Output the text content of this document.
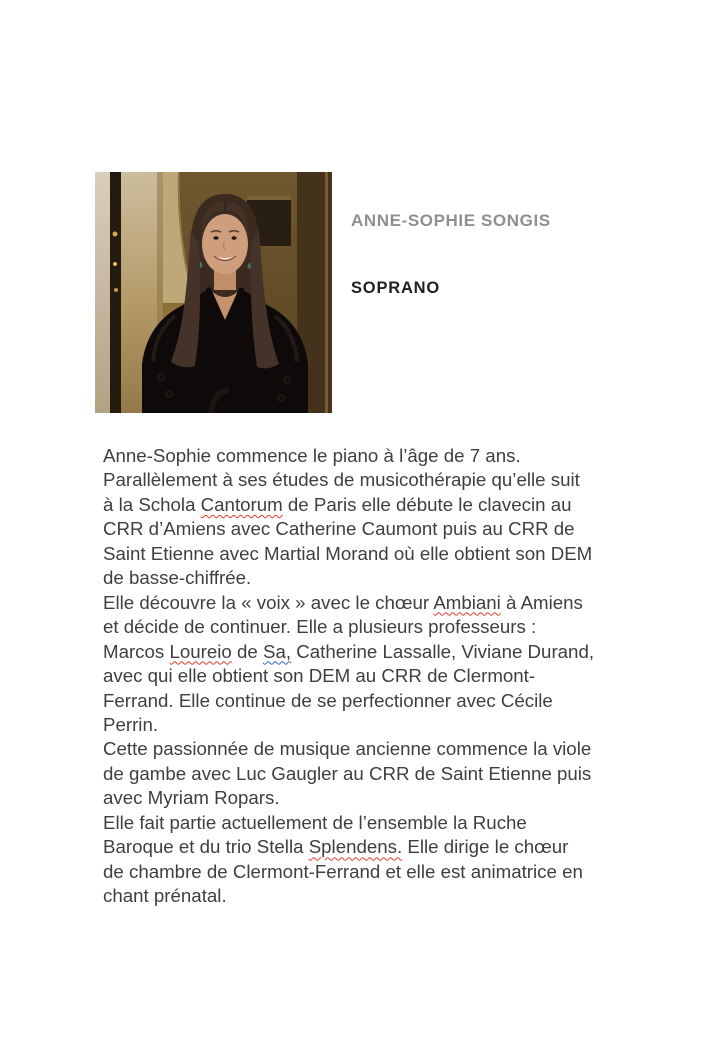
ANNE-SOPHIE SONGIS
SOPRANO
Anne-Sophie commence le piano à l’âge de 7 ans.
Parallèlement à ses études de musicothérapie qu’elle suit
à la Schola Cantorum de Paris elle débute le clavecin au
CRR d’Amiens avec Catherine Caumont puis au CRR de
Saint Etienne avec Martial Morand où elle obtient son DEM
de basse-chiffrée.
Elle découvre la « voix » avec le chœur Ambiani à Amiens
et décide de continuer. Elle a plusieurs professeurs :
Marcos Loureio de Sa, Catherine Lassalle, Viviane Durand,
avec qui elle obtient son DEM au CRR de Clermont-
Ferrand. Elle continue de se perfectionner avec Cécile
Perrin.
Cette passionnée de musique ancienne commence la viole
de gambe avec Luc Gaugler au CRR de Saint Etienne puis
avec Myriam Ropars.
Elle fait partie actuellement de l’ensemble la Ruche
Baroque et du trio Stella Splendens. Elle dirige le chœur
de chambre de Clermont-Ferrand et elle est animatrice en
chant prénatal.
